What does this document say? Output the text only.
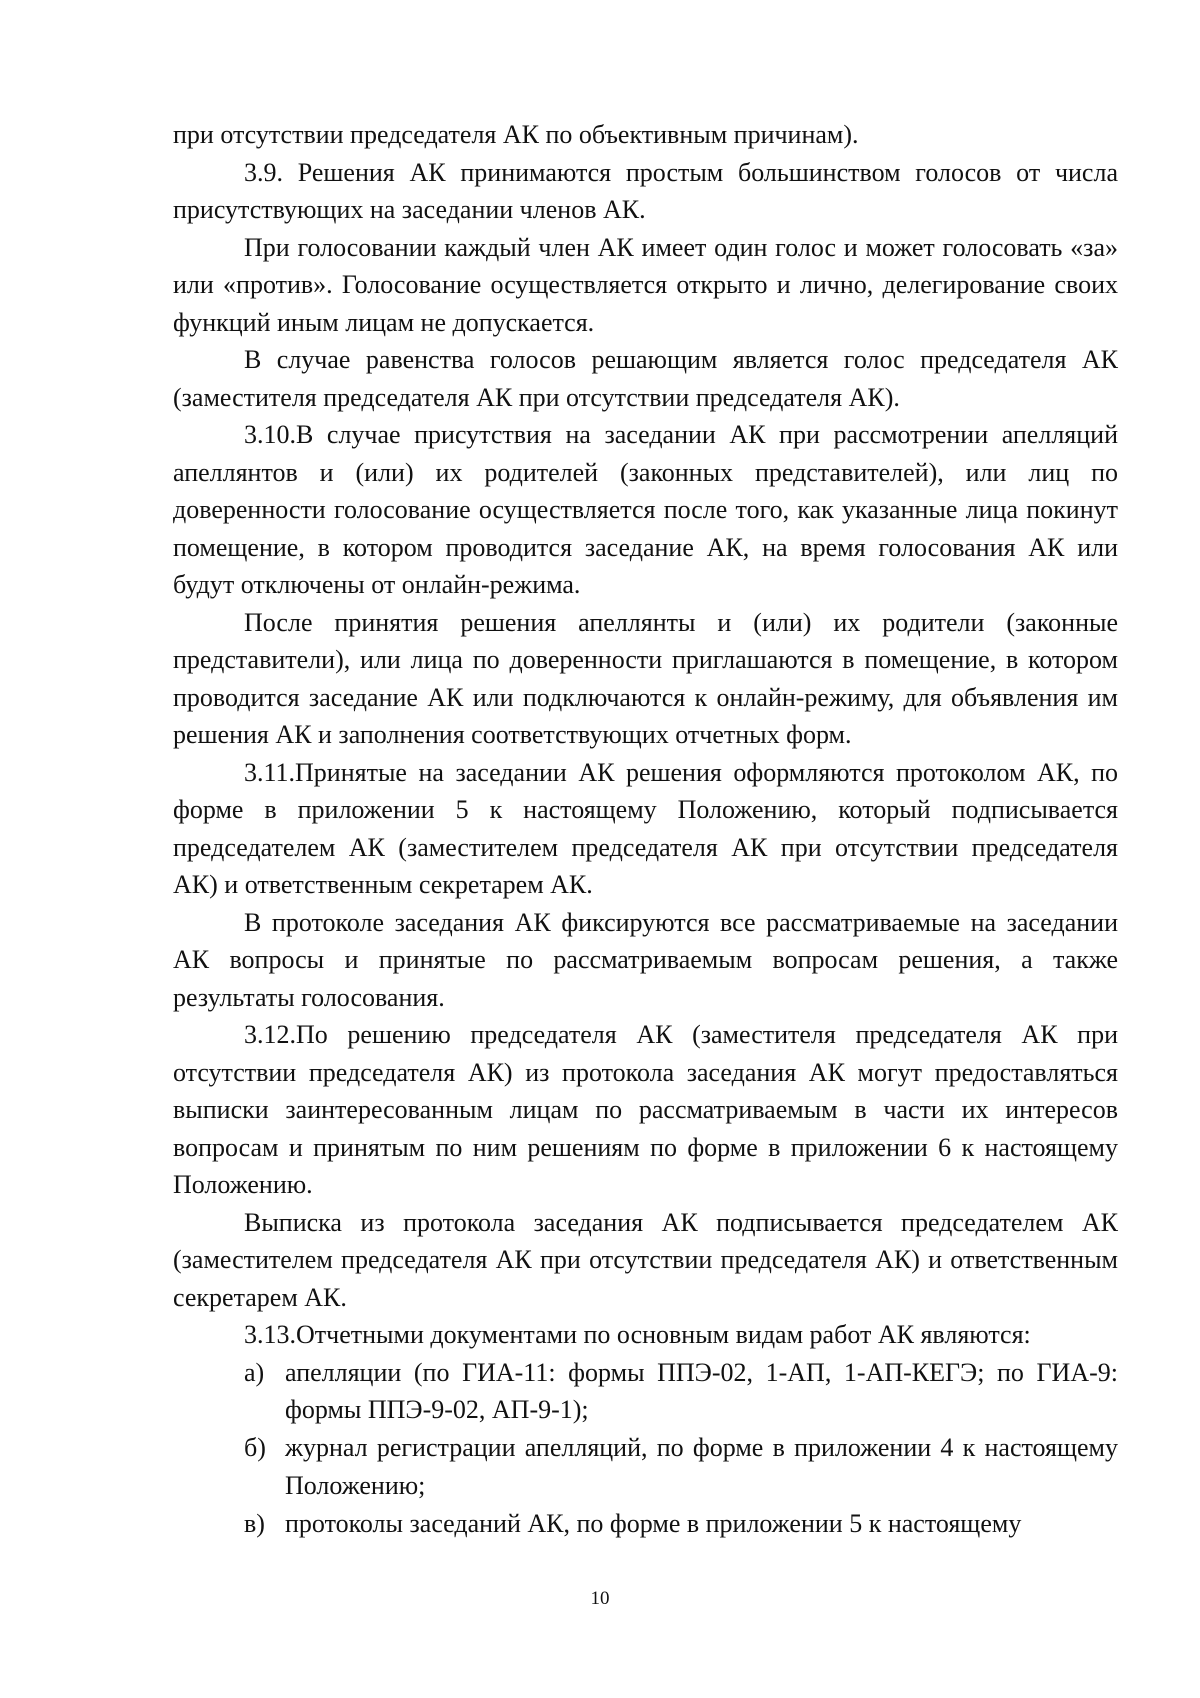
при отсутствии председателя АК по объективным причинам).

3.9. Решения АК принимаются простым большинством голосов от числа присутствующих на заседании членов АК.

При голосовании каждый член АК имеет один голос и может голосовать «за» или «против». Голосование осуществляется открыто и лично, делегирование своих функций иным лицам не допускается.

В случае равенства голосов решающим является голос председателя АК (заместителя председателя АК при отсутствии председателя АК).

3.10.В случае присутствия на заседании АК при рассмотрении апелляций апеллянтов и (или) их родителей (законных представителей), или лиц по доверенности голосование осуществляется после того, как указанные лица покинут помещение, в котором проводится заседание АК, на время голосования АК или будут отключены от онлайн-режима.

После принятия решения апеллянты и (или) их родители (законные представители), или лица по доверенности приглашаются в помещение, в котором проводится заседание АК или подключаются к онлайн-режиму, для объявления им решения АК и заполнения соответствующих отчетных форм.

3.11.Принятые на заседании АК решения оформляются протоколом АК, по форме в приложении 5 к настоящему Положению, который подписывается председателем АК (заместителем председателя АК при отсутствии председателя АК) и ответственным секретарем АК.

В протоколе заседания АК фиксируются все рассматриваемые на заседании АК вопросы и принятые по рассматриваемым вопросам решения, а также результаты голосования.

3.12.По решению председателя АК (заместителя председателя АК при отсутствии председателя АК) из протокола заседания АК могут предоставляться выписки заинтересованным лицам по рассматриваемым в части их интересов вопросам и принятым по ним решениям по форме в приложении 6 к настоящему Положению.

Выписка из протокола заседания АК подписывается председателем АК (заместителем председателя АК при отсутствии председателя АК) и ответственным секретарем АК.

3.13.Отчетными документами по основным видам работ АК являются:

а) апелляции (по ГИА-11: формы ППЭ-02, 1-АП, 1-АП-КЕГЭ; по ГИА-9: формы ППЭ-9-02, АП-9-1);
б) журнал регистрации апелляций, по форме в приложении 4 к настоящему Положению;
в) протоколы заседаний АК, по форме в приложении 5 к настоящему
10
